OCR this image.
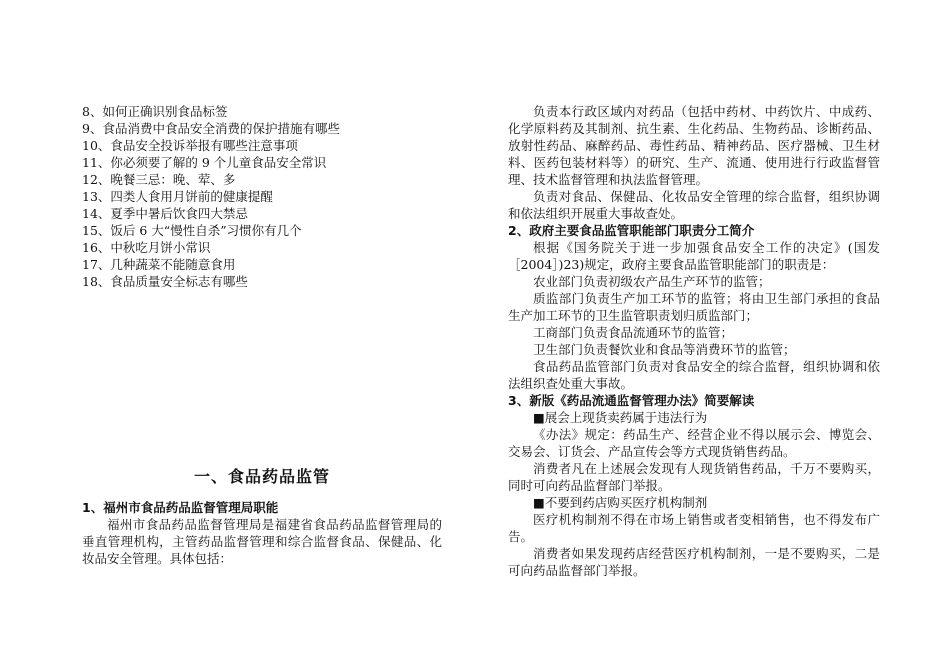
8、如何正确识别食品标签
9、食品消费中食品安全消费的保护措施有哪些
10、食品安全投诉举报有哪些注意事项
11、你必须要了解的 9 个儿童食品安全常识
12、晚餐三忌：晚、荤、多
13、四类人食用月饼前的健康提醒
14、夏季中暑后饮食四大禁忌
15、饭后 6 大“慢性自杀”习惯你有几个
16、中秋吃月饼小常识
17、几种蔬菜不能随意食用
18、食品质量安全标志有哪些
一、食品药品监管
1、福州市食品药品监督管理局职能

福州市食品药品监督管理局是福建省食品药品监督管理局的垂直管理机构，主管药品监督管理和综合监督食品、保健品、化妆品安全管理。具体包括：

负责本行政区域内对药品（包括中药材、中药饮片、中成药、化学原料药及其制剂、抗生素、生化药品、生物药品、诊断药品、放射性药品、麻醉药品、毒性药品、精神药品、医疗器械、卫生材料、医药包装材料等）的研究、生产、流通、使用进行行政监督管理、技术监督管理和执法监督管理。

负责对食品、保健品、化妆品安全管理的综合监督，组织协调和依法组织开展重大事故查处。

2、政府主要食品监管职能部门职责分工简介

根据《国务院关于进一步加强食品安全工作的决定》(国发［2004］)23)规定，政府主要食品监管职能部门的职责是：

农业部门负责初级农产品生产环节的监管；

质监部门负责生产加工环节的监管；将由卫生部门承担的食品生产加工环节的卫生监管职责划归质监部门；

工商部门负责食品流通环节的监管；

卫生部门负责餐饮业和食品等消费环节的监管；

食品药品监管部门负责对食品安全的综合监督，组织协调和依法组织查处重大事故。

3、新版《药品流通监督管理办法》简要解读

■展会上现货卖药属于违法行为

《办法》规定：药品生产、经营企业不得以展示会、博览会、交易会、订货会、产品宣传会等方式现货销售药品。

消费者凡在上述展会发现有人现货销售药品，千万不要购买，同时可向药品监督部门举报。

■不要到药店购买医疗机构制剂

医疗机构制剂不得在市场上销售或者变相销售，也不得发布广告。

消费者如果发现药店经营医疗机构制剂，一是不要购买，二是可向药品监督部门举报。
